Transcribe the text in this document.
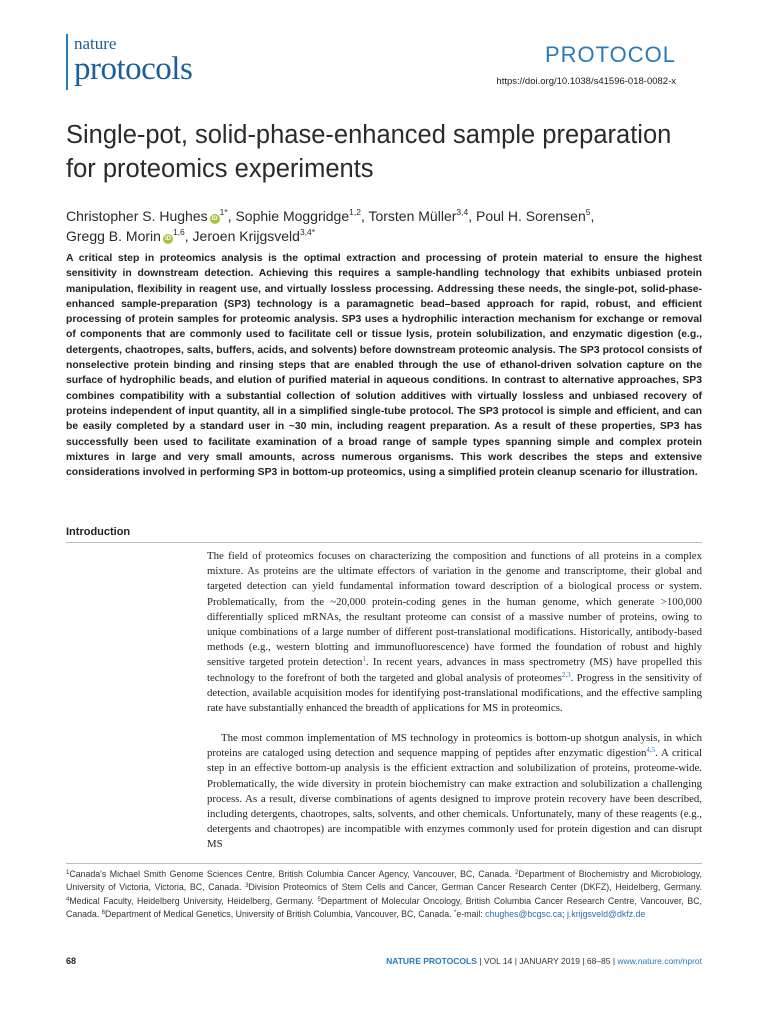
nature
protocols	PROTOCOL
https://doi.org/10.1038/s41596-018-0082-x
Single-pot, solid-phase-enhanced sample preparation for proteomics experiments
Christopher S. Hughes $iD^{1*}$, Sophie Moggridge$^{1,2}$, Torsten Müller$^{3,4}$, Poul H. Sorensen$^5$,
Gregg B. Morin iD$^{1,6}$, Jeroen Krijgsveld$^{3,4*}$
A critical step in proteomics analysis is the optimal extraction and processing of protein material to ensure the highest sensitivity in downstream detection. Achieving this requires a sample-handling technology that exhibits unbiased protein manipulation, flexibility in reagent use, and virtually lossless processing. Addressing these needs, the single-pot, solid-phase-enhanced sample-preparation (SP3) technology is a paramagnetic bead–based approach for rapid, robust, and efficient processing of protein samples for proteomic analysis. SP3 uses a hydrophilic interaction mechanism for exchange or removal of components that are commonly used to facilitate cell or tissue lysis, protein solubilization, and enzymatic digestion (e.g., detergents, chaotropes, salts, buffers, acids, and solvents) before downstream proteomic analysis. The SP3 protocol consists of nonselective protein binding and rinsing steps that are enabled through the use of ethanol-driven solvation capture on the surface of hydrophilic beads, and elution of purified material in aqueous conditions. In contrast to alternative approaches, SP3 combines compatibility with a substantial collection of solution additives with virtually lossless and unbiased recovery of proteins independent of input quantity, all in a simplified single-tube protocol. The SP3 protocol is simple and efficient, and can be easily completed by a standard user in ~30 min, including reagent preparation. As a result of these properties, SP3 has successfully been used to facilitate examination of a broad range of sample types spanning simple and complex protein mixtures in large and very small amounts, across numerous organisms. This work describes the steps and extensive considerations involved in performing SP3 in bottom-up proteomics, using a simplified protein cleanup scenario for illustration.
Introduction
The field of proteomics focuses on characterizing the composition and functions of all proteins in a complex mixture. As proteins are the ultimate effectors of variation in the genome and transcriptome, their global and targeted detection can yield fundamental information toward description of a biological process or system. Problematically, from the ~20,000 protein-coding genes in the human genome, which generate >100,000 differentially spliced mRNAs, the resultant proteome can consist of a massive number of proteins, owing to unique combinations of a large number of different post-translational modifications. Historically, antibody-based methods (e.g., western blotting and immunofluorescence) have formed the foundation of robust and highly sensitive targeted protein detection$^1$. In recent years, advances in mass spectrometry (MS) have propelled this technology to the forefront of both the targeted and global analysis of proteomes$^{2,3}$. Progress in the sensitivity of detection, available acquisition modes for identifying post-translational modifications, and the effective sampling rate have substantially enhanced the breadth of applications for MS in proteomics.
The most common implementation of MS technology in proteomics is bottom-up shotgun analysis, in which proteins are cataloged using detection and sequence mapping of peptides after enzymatic digestion$^{4,5}$. A critical step in an effective bottom-up analysis is the efficient extraction and solubilization of proteins, proteome-wide. Problematically, the wide diversity in protein biochemistry can make extraction and solubilization a challenging process. As a result, diverse combinations of agents designed to improve protein recovery have been described, including detergents, chaotropes, salts, solvents, and other chemicals. Unfortunately, many of these reagents (e.g., detergents and chaotropes) are incompatible with enzymes commonly used for protein digestion and can disrupt MS
$^1$Canada's Michael Smith Genome Sciences Centre, British Columbia Cancer Agency, Vancouver, BC, Canada. $^2$Department of Biochemistry and Microbiology, University of Victoria, Victoria, BC, Canada. $^3$Division Proteomics of Stem Cells and Cancer, German Cancer Research Center (DKFZ), Heidelberg, Germany. $^4$Medical Faculty, Heidelberg University, Heidelberg, Germany. $^5$Department of Molecular Oncology, British Columbia Cancer Research Centre, Vancouver, BC, Canada. $^6$Department of Medical Genetics, University of British Columbia, Vancouver, BC, Canada. *e-mail: chughes@bcgsc.ca; j.krijgsveld@dkfz.de
68	NATURE PROTOCOLS | VOL 14 | JANUARY 2019 | 68–85 | www.nature.com/nprot
